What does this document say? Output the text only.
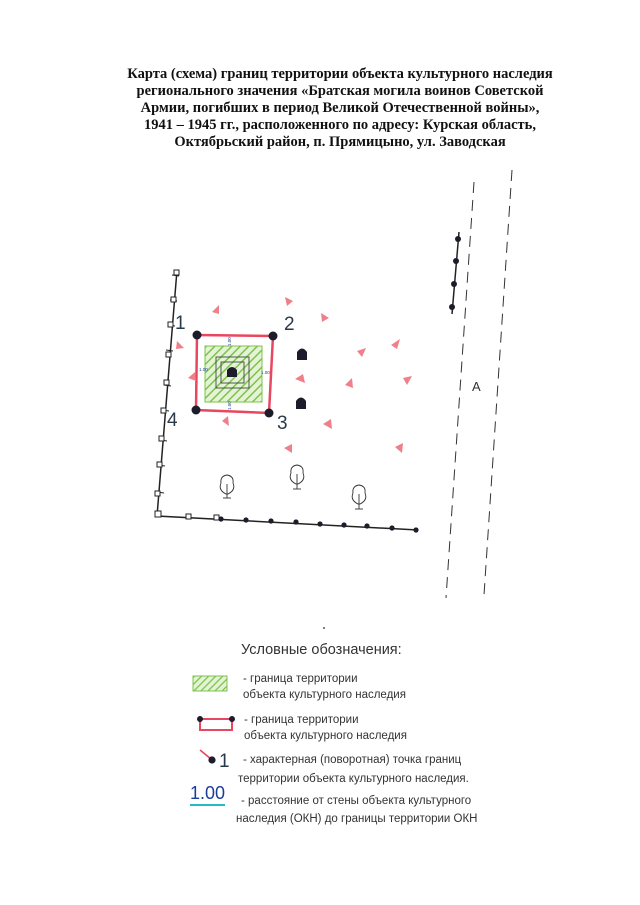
Карта (схема) границ территории объекта культурного наследия
регионального значения «Братская могила воинов Советской
Армии, погибших в период Великой Отечественной войны»,
1941 – 1945 гг., расположенного по адресу: Курская область,
Октябрьский район, п. Прямицыно, ул. Заводская
1.00
1.00
1.00
1.00
1	2
3
4
А
1
Условные обозначения:
- граница территории
объекта культурного наследия
- граница территории
объекта культурного наследия
- характерная (поворотная) точка границ
территории объекта культурного наследия.
1.00	- расстояние от стены объекта культурного
наследия (ОКН) до границы территории ОКН
